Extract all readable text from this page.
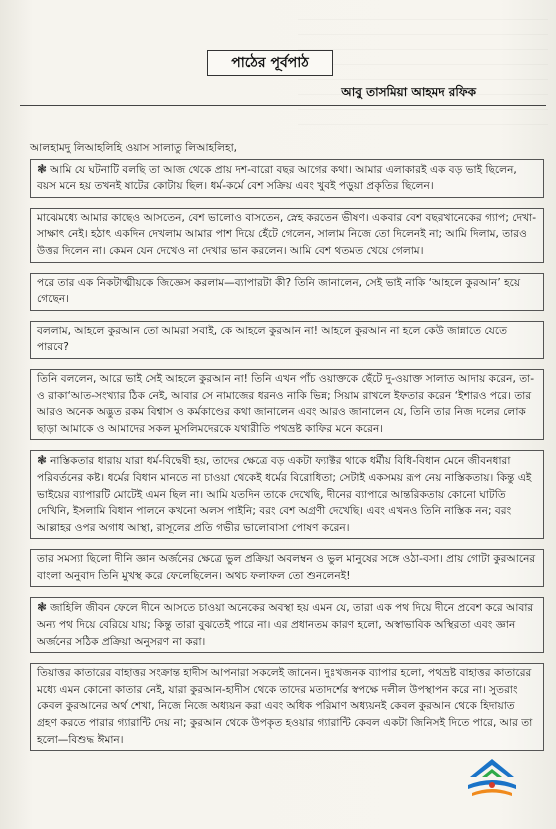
পাঠের পূর্বপাঠ
আবু তাসমিয়া আহমদ রফিক

আলহামদু লিআহলিহি ওয়াস সালাতু লিআহলিহা,

❃ আমি যে ঘটনাটি বলছি তা আজ থেকে প্রায় দশ-বারো বছর আগের কথা। আমার এলাকারই এক বড় ভাই ছিলেন, বয়স মনে হয় তখনই ষাটের কোটায় ছিল। ধর্ম-কর্মে বেশ সক্রিয় এবং খুবই পড়ুয়া প্রকৃতির ছিলেন।

মাঝেমধ্যে আমার কাছেও আসতেন, বেশ ভালোও বাসতেন, স্নেহ করতেন ভীষণ। একবার বেশ বছরখানেকের গ্যাপ; দেখা-সাক্ষাৎ নেই। হঠাৎ একদিন দেখলাম আমার পাশ দিয়ে হেঁটে গেলেন, সালাম নিজে তো দিলেনই না; আমি দিলাম, তারও উত্তর দিলেন না। কেমন যেন দেখেও না দেখার ভান করলেন। আমি বেশ থতমত খেয়ে গেলাম।

পরে তার এক নিকটাত্মীয়কে জিজ্ঞেস করলাম—ব্যাপারটা কী? তিনি জানালেন, সেই ভাই নাকি ‘আহলে কুরআন’ হয়ে গেছেন।

বললাম, আহলে কুরআন তো আমরা সবাই, কে আহলে কুরআন না! আহলে কুরআন না হলে কেউ জান্নাতে যেতে পারবে?

তিনি বললেন, আরে ভাই সেই আহলে কুরআন না! তিনি এখন পাঁচ ওয়াক্তকে ছেঁটে দু-ওয়াক্ত সালাত আদায় করেন, তা-ও রাকা‘আত-সংখ্যার ঠিক নেই, আবার সে নামাজের ধরনও নাকি ভিন্ন; সিয়াম রাখলে ইফতার করেন ‘ইশারও পরে। তার আরও অনেক অদ্ভুত রকম বিশ্বাস ও কর্মকাণ্ডের কথা জানালেন এবং আরও জানালেন যে, তিনি তার নিজ দলের লোক ছাড়া আমাকে ও আমাদের সকল মুসলিমদেরকে যথারীতি পথভ্রষ্ট কাফির মনে করেন।

❃ নাস্তিকতার ধারায় যারা ধর্ম-বিদ্বেষী হয়, তাদের ক্ষেত্রে বড় একটা ফ্যাক্টর থাকে ধর্মীয় বিধি-বিধান মেনে জীবনধারা পরিবর্তনের কষ্ট। ধর্মের বিধান মানতে না চাওয়া থেকেই ধর্মের বিরোধিতা; সেটাই একসময় রূপ নেয় নাস্তিকতায়। কিন্তু এই ভাইয়ের ব্যাপারটি মোটেই এমন ছিল না। আমি যতদিন তাকে দেখেছি, দীনের ব্যাপারে আন্তরিকতায় কোনো ঘাটতি দেখিনি, ইসলামি বিধান পালনে কখনো অলস পাইনি; বরং বেশ অগ্রণী দেখেছি। এবং এখনও তিনি নাস্তিক নন; বরং আল্লাহর ওপর অগাধ আস্থা, রাসূলের প্রতি গভীর ভালোবাসা পোষণ করেন।

তার সমস্যা ছিলো দীনি জ্ঞান অর্জনের ক্ষেত্রে ভুল প্রক্রিয়া অবলম্বন ও ভুল মানুষের সঙ্গে ওঠা-বসা। প্রায় গোটা কুরআনের বাংলা অনুবাদ তিনি মুখস্থ করে ফেলেছিলেন। অথচ ফলাফল তো শুনলেনই!

❃ জাহিলি জীবন ফেলে দীনে আসতে চাওয়া অনেকের অবস্থা হয় এমন যে, তারা এক পথ দিয়ে দীনে প্রবেশ করে আবার অন্য পথ দিয়ে বেরিয়ে যায়; কিন্তু তারা বুঝতেই পারে না। এর প্রধানতম কারণ হলো, অস্বাভাবিক অস্থিরতা এবং জ্ঞান অর্জনের সঠিক প্রক্রিয়া অনুসরণ না করা।

তিয়াত্তর কাতারের বাহাত্তর সংক্রান্ত হাদীস আপনারা সকলেই জানেন। দুঃখজনক ব্যাপার হলো, পথভ্রষ্ট বাহাত্তর কাতারের মধ্যে এমন কোনো কাতার নেই, যারা কুরআন-হাদীস থেকে তাদের মতাদর্শের স্বপক্ষে দলীল উপস্থাপন করে না। সুতরাং কেবল কুরআনের অর্থ শেখা, নিজে নিজে অধ্যয়ন করা এবং অধিক পরিমাণ অধ্যয়নই কেবল কুরআন থেকে হিদায়াত গ্রহণ করতে পারার গ্যারান্টি দেয় না; কুরআন থেকে উপকৃত হওয়ার গ্যারান্টি কেবল একটা জিনিসই দিতে পারে, আর তা হলো—বিশুদ্ধ ঈমান।
